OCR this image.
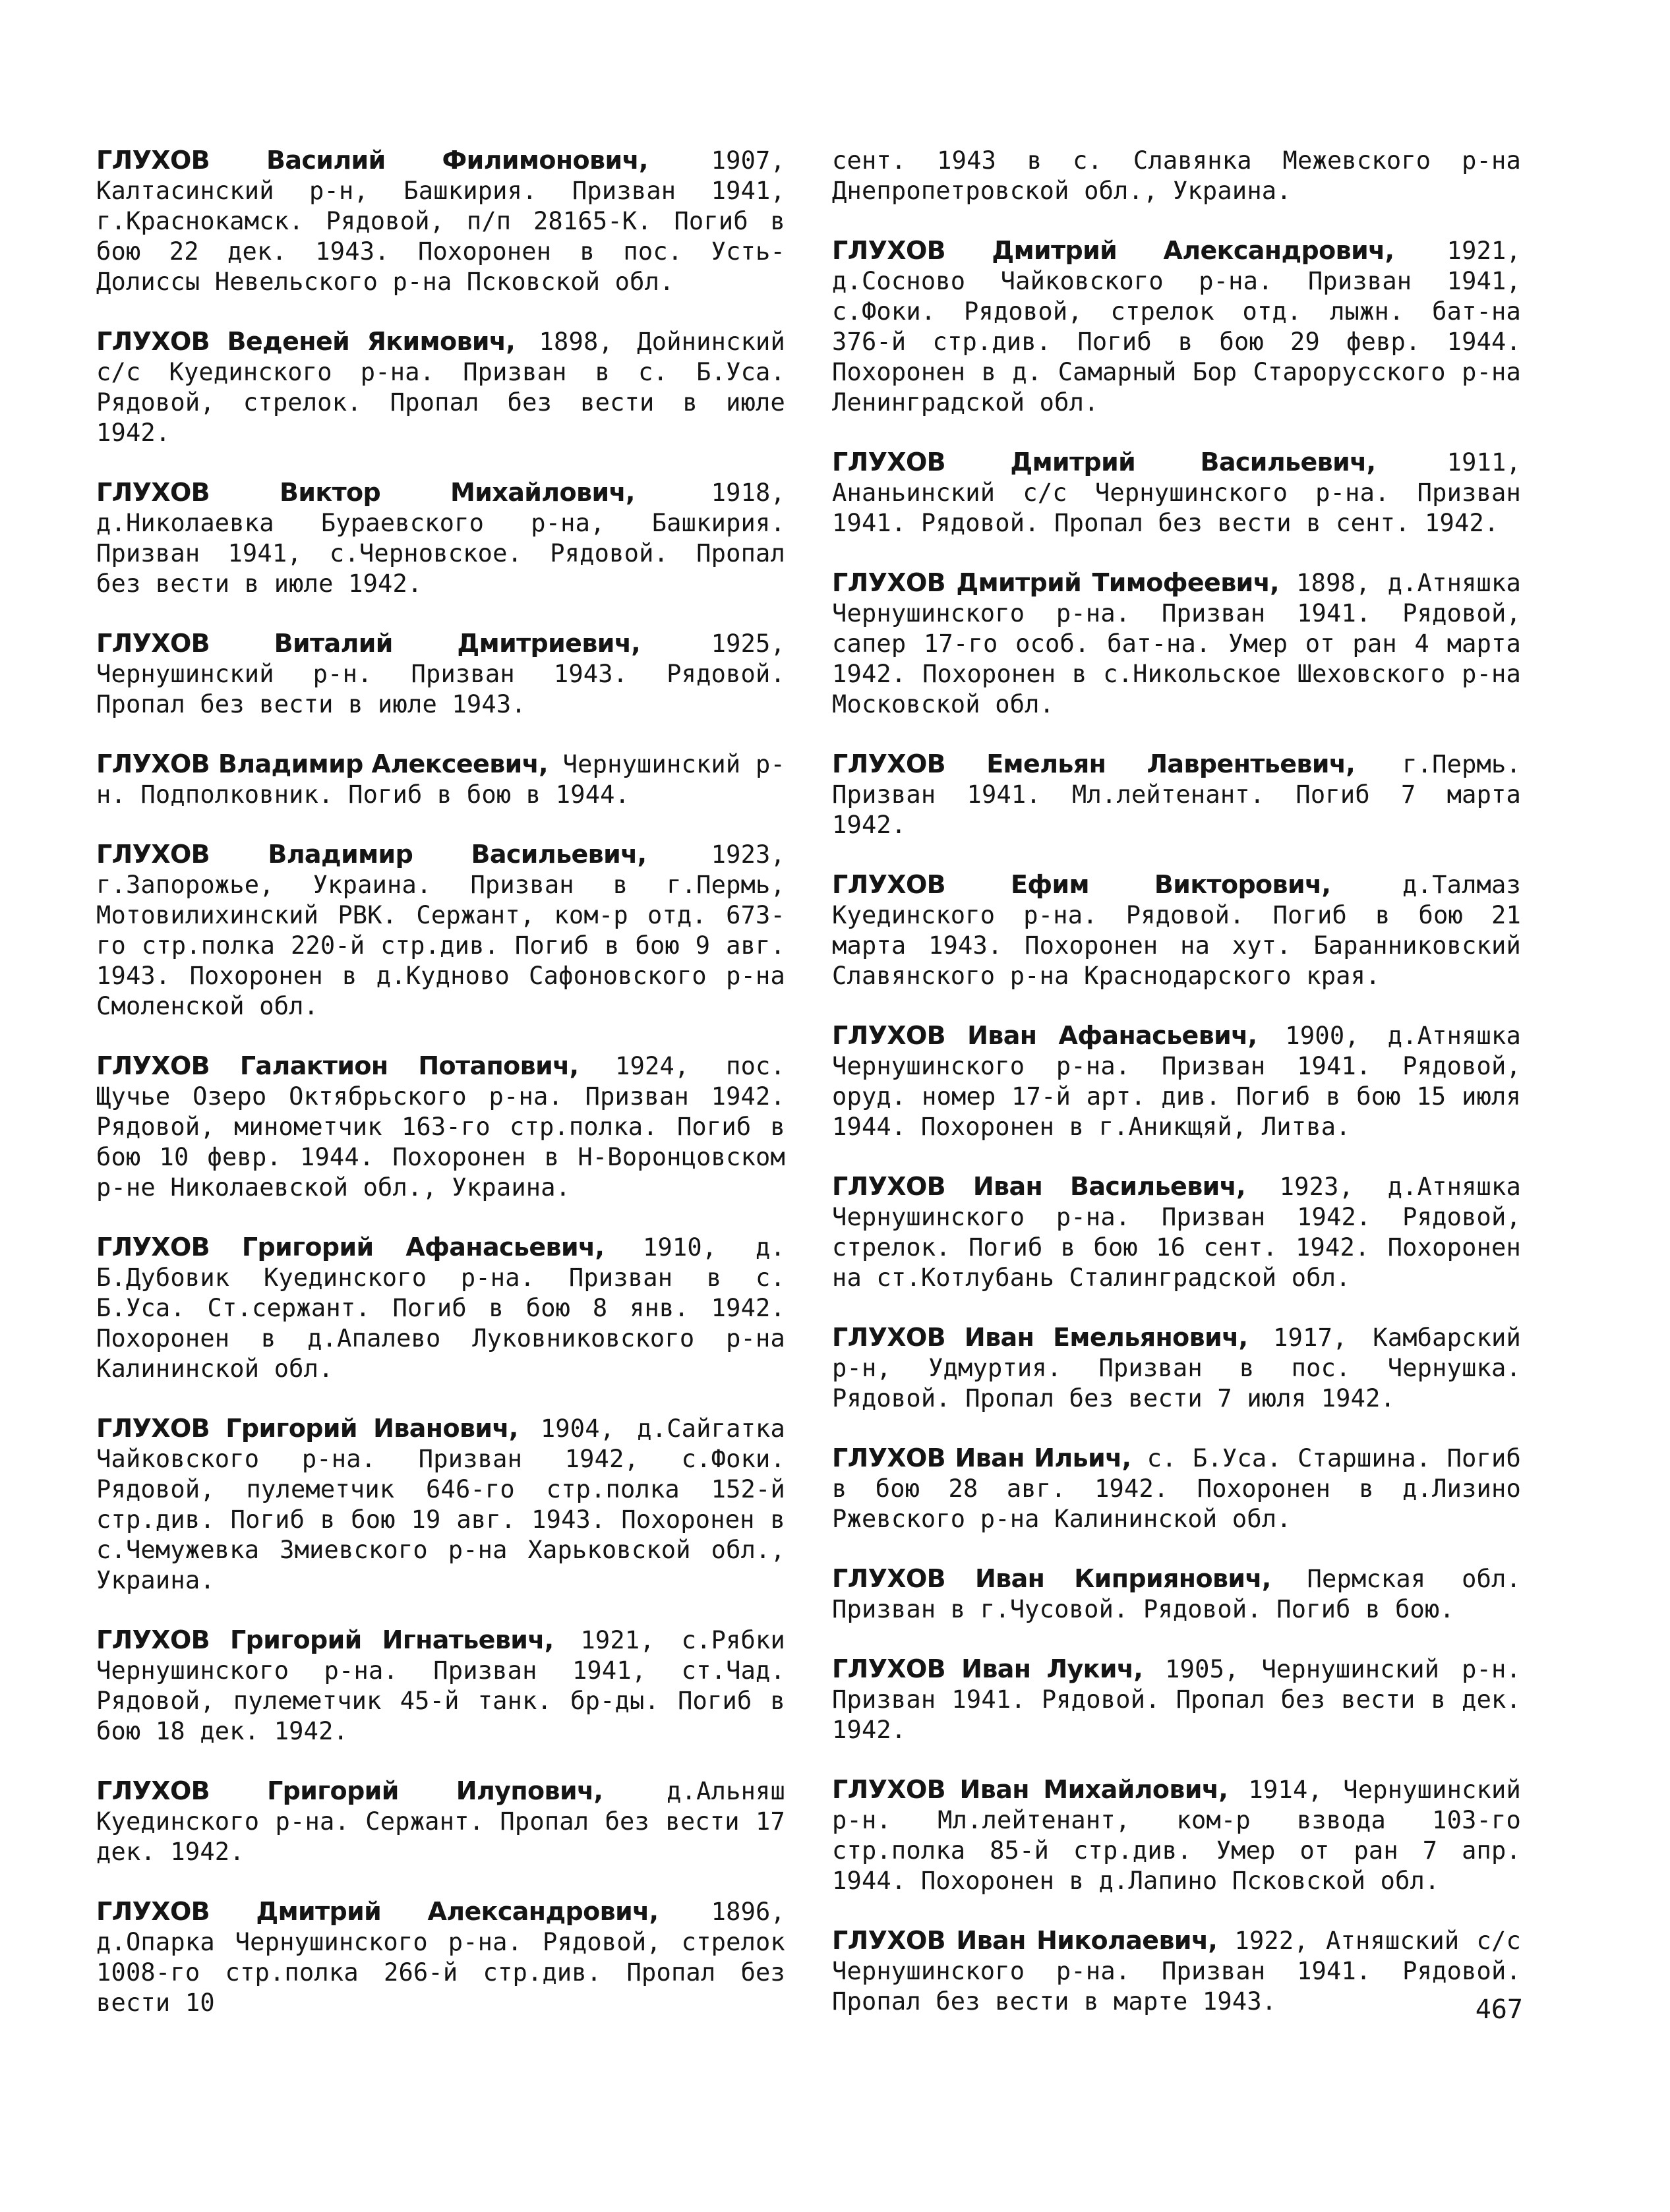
ГЛУХОВ Василий Филимонович, 1907, Калтасинский р-н, Башкирия. Призван 1941, г.Краснокамск. Рядовой, п/п 28165-К. Погиб в бою 22 дек. 1943. Похоронен в пос. Усть-Долиссы Невельского р-на Псковской обл.

ГЛУХОВ Веденей Якимович, 1898, Дойнинский с/с Куединского р-на. Призван в с. Б.Уса. Рядовой, стрелок. Пропал без вести в июле 1942.

ГЛУХОВ Виктор Михайлович, 1918, д.Николаевка Бураевского р-на, Башкирия. Призван 1941, с.Черновское. Рядовой. Пропал без вести в июле 1942.

ГЛУХОВ Виталий Дмитриевич, 1925, Чернушинский р-н. Призван 1943. Рядовой. Пропал без вести в июле 1943.

ГЛУХОВ Владимир Алексеевич, Чернушинский р-н. Подполковник. Погиб в бою в 1944.

ГЛУХОВ Владимир Васильевич, 1923, г.Запорожье, Украина. Призван в г.Пермь, Мотовилихинский РВК. Сержант, ком-р отд. 673-го стр.полка 220-й стр.див. Погиб в бою 9 авг. 1943. Похоронен в д.Кудново Сафоновского р-на Смоленской обл.

ГЛУХОВ Галактион Потапович, 1924, пос. Щучье Озеро Октябрьского р-на. Призван 1942. Рядовой, минометчик 163-го стр.полка. Погиб в бою 10 февр. 1944. Похоронен в Н-Воронцовском р-не Николаевской обл., Украина.

ГЛУХОВ Григорий Афанасьевич, 1910, д. Б.Дубовик Куединского р-на. Призван в с. Б.Уса. Ст.сержант. Погиб в бою 8 янв. 1942. Похоронен в д.Апалево Луковниковского р-на Калининской обл.

ГЛУХОВ Григорий Иванович, 1904, д.Сайгатка Чайковского р-на. Призван 1942, с.Фоки. Рядовой, пулеметчик 646-го стр.полка 152-й стр.див. Погиб в бою 19 авг. 1943. Похоронен в с.Чемужевка Змиевского р-на Харьковской обл., Украина.

ГЛУХОВ Григорий Игнатьевич, 1921, с.Рябки Чернушинского р-на. Призван 1941, ст.Чад. Рядовой, пулеметчик 45-й танк. бр-ды. Погиб в бою 18 дек. 1942.

ГЛУХОВ Григорий Илупович, д.Альняш Куединского р-на. Сержант. Пропал без вести 17 дек. 1942.

ГЛУХОВ Дмитрий Александрович, 1896, д.Опарка Чернушинского р-на. Рядовой, стрелок 1008-го стр.полка 266-й стр.див. Пропал без вести 10

сент. 1943 в с. Славянка Межевского р-на Днепропетровской обл., Украина.

ГЛУХОВ Дмитрий Александрович, 1921, д.Сосново Чайковского р-на. Призван 1941, с.Фоки. Рядовой, стрелок отд. лыжн. бат-на 376-й стр.див. Погиб в бою 29 февр. 1944. Похоронен в д. Самарный Бор Старорусского р-на Ленинградской обл.

ГЛУХОВ Дмитрий Васильевич, 1911, Ананьинский с/с Чернушинского р-на. Призван 1941. Рядовой. Пропал без вести в сент. 1942.

ГЛУХОВ Дмитрий Тимофеевич, 1898, д.Атняшка Чернушинского р-на. Призван 1941. Рядовой, сапер 17-го особ. бат-на. Умер от ран 4 марта 1942. Похоронен в с.Никольское Шеховского р-на Московской обл.

ГЛУХОВ Емельян Лаврентьевич, г.Пермь. Призван 1941. Мл.лейтенант. Погиб 7 марта 1942.

ГЛУХОВ Ефим Викторович, д.Талмаз Куединского р-на. Рядовой. Погиб в бою 21 марта 1943. Похоронен на хут. Баранниковский Славянского р-на Краснодарского края.

ГЛУХОВ Иван Афанасьевич, 1900, д.Атняшка Чернушинского р-на. Призван 1941. Рядовой, оруд. номер 17-й арт. див. Погиб в бою 15 июля 1944. Похоронен в г.Аникщяй, Литва.

ГЛУХОВ Иван Васильевич, 1923, д.Атняшка Чернушинского р-на. Призван 1942. Рядовой, стрелок. Погиб в бою 16 сент. 1942. Похоронен на ст.Котлубань Сталинградской обл.

ГЛУХОВ Иван Емельянович, 1917, Камбарский р-н, Удмуртия. Призван в пос. Чернушка. Рядовой. Пропал без вести 7 июля 1942.

ГЛУХОВ Иван Ильич, с. Б.Уса. Старшина. Погиб в бою 28 авг. 1942. Похоронен в д.Лизино Ржевского р-на Калининской обл.

ГЛУХОВ Иван Киприянович, Пермская обл. Призван в г.Чусовой. Рядовой. Погиб в бою.

ГЛУХОВ Иван Лукич, 1905, Чернушинский р-н. Призван 1941. Рядовой. Пропал без вести в дек. 1942.

ГЛУХОВ Иван Михайлович, 1914, Чернушинский р-н. Мл.лейтенант, ком-р взвода 103-го стр.полка 85-й стр.див. Умер от ран 7 апр. 1944. Похоронен в д.Лапино Псковской обл.

ГЛУХОВ Иван Николаевич, 1922, Атняшский с/с Чернушинского р-на. Призван 1941. Рядовой. Пропал без вести в марте 1943.	467
